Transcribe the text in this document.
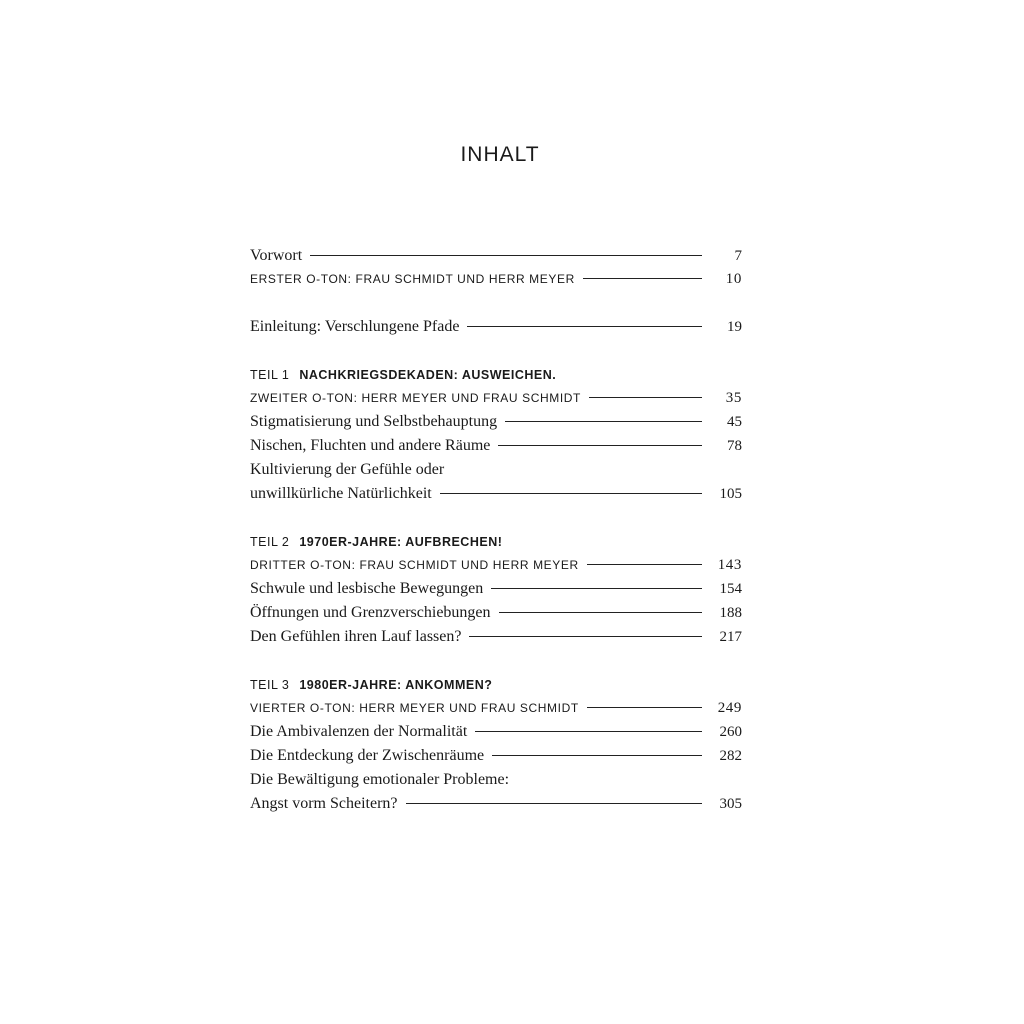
INHALT
Vorwort	7
ERSTER O-TON: FRAU SCHMIDT UND HERR MEYER	10
Einleitung: Verschlungene Pfade	19
TEIL 1 NACHKRIEGSDEKADEN: AUSWEICHEN.
ZWEITER O-TON: HERR MEYER UND FRAU SCHMIDT	35
Stigmatisierung und Selbstbehauptung	45
Nischen, Fluchten und andere Räume	78
Kultivierung der Gefühle oder
unwillkürliche Natürlichkeit	105
TEIL 2 1970ER-JAHRE: AUFBRECHEN!
DRITTER O-TON: FRAU SCHMIDT UND HERR MEYER	143
Schwule und lesbische Bewegungen	154
Öffnungen und Grenzverschiebungen	188
Den Gefühlen ihren Lauf lassen?	217
TEIL 3 1980ER-JAHRE: ANKOMMEN?
VIERTER O-TON: HERR MEYER UND FRAU SCHMIDT	249
Die Ambivalenzen der Normalität	260
Die Entdeckung der Zwischenräume	282
Die Bewältigung emotionaler Probleme:
Angst vorm Scheitern?	305
